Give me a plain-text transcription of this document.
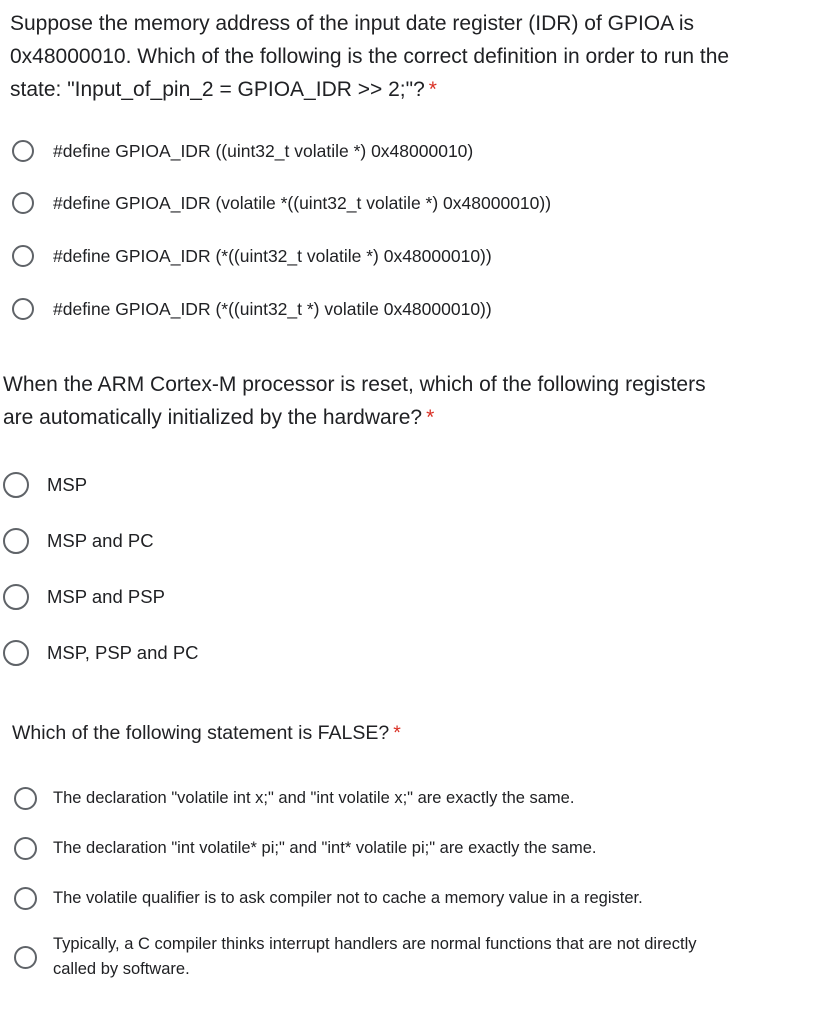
Suppose the memory address of the input date register (IDR) of GPIOA is 0x48000010. Which of the following is the correct definition in order to run the state: "Input_of_pin_2 = GPIOA_IDR >> 2;"? *

#define GPIOA_IDR ((uint32_t volatile *) 0x48000010)
#define GPIOA_IDR (volatile *((uint32_t volatile *) 0x48000010))
#define GPIOA_IDR (*((uint32_t volatile *) 0x48000010))
#define GPIOA_IDR (*((uint32_t *) volatile 0x48000010))

When the ARM Cortex-M processor is reset, which of the following registers are automatically initialized by the hardware? *

MSP
MSP and PC
MSP and PSP
MSP, PSP and PC

Which of the following statement is FALSE? *

The declaration "volatile int x;" and "int volatile x;" are exactly the same.
The declaration "int volatile* pi;" and "int* volatile pi;" are exactly the same.
The volatile qualifier is to ask compiler not to cache a memory value in a register.
Typically, a C compiler thinks interrupt handlers are normal functions that are not directly called by software.
